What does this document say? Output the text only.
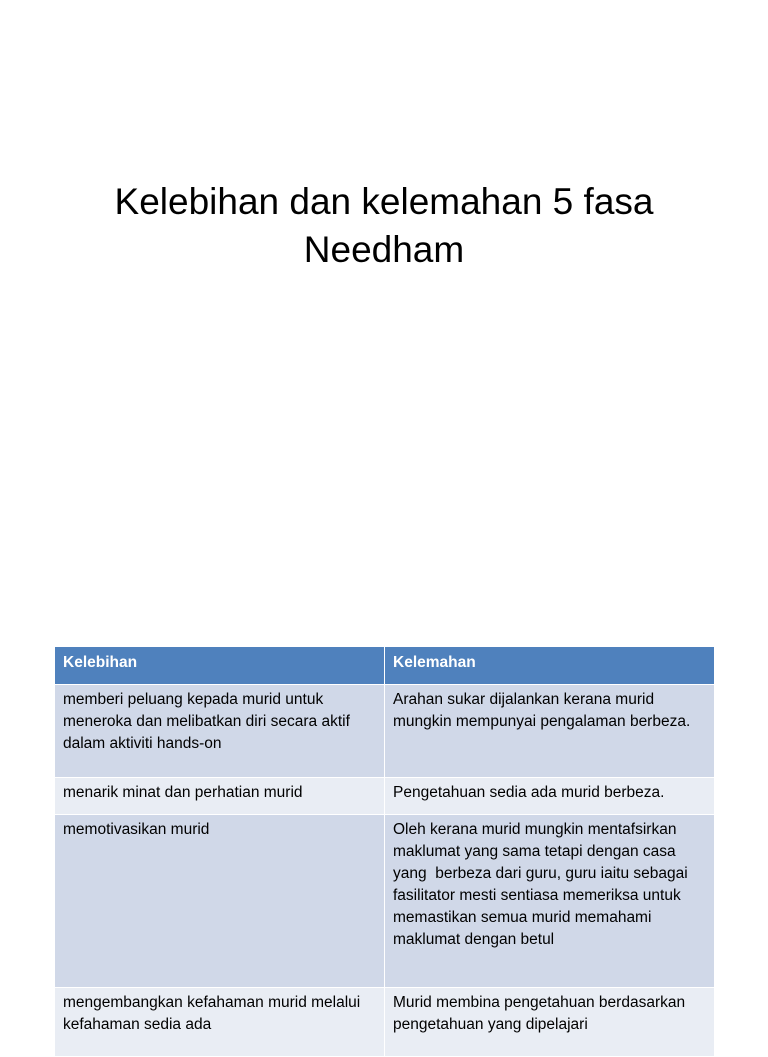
Kelebihan dan kelemahan 5 fasa
Needham
Kelebihan	Kelemahan
memberi peluang kepada murid untuk meneroka dan melibatkan diri secara aktif dalam aktiviti hands-on	Arahan sukar dijalankan kerana murid mungkin mempunyai pengalaman berbeza.
menarik minat dan perhatian murid	Pengetahuan sedia ada murid berbeza.
memotivasikan murid	Oleh kerana murid mungkin mentafsirkan maklumat yang sama tetapi dengan casa yang  berbeza dari guru, guru iaitu sebagai fasilitator mesti sentiasa memeriksa untuk memastikan semua murid memahami maklumat dengan betul
mengembangkan kefahaman murid melalui kefahaman sedia ada	Murid membina pengetahuan berdasarkan pengetahuan yang dipelajari
